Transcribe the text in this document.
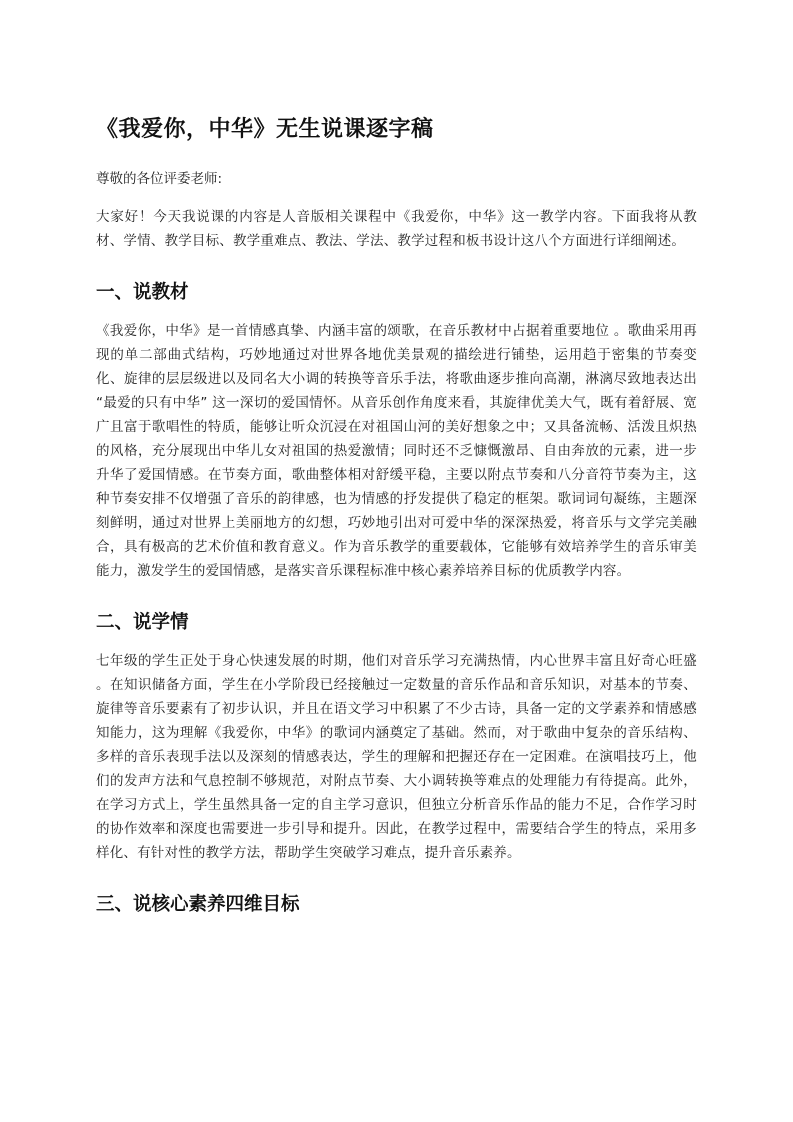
《我爱你，中华》无生说课逐字稿

尊敬的各位评委老师:

大家好！今天我说课的内容是人音版相关课程中《我爱你，中华》这一教学内容。下面我将从教材、学情、教学目标、教学重难点、教法、学法、教学过程和板书设计这八个方面进行详细阐述。

一、说教材

《我爱你，中华》是一首情感真挚、内涵丰富的颂歌，在音乐教材中占据着重要地位 。歌曲采用再现的单二部曲式结构，巧妙地通过对世界各地优美景观的描绘进行铺垫，运用趋于密集的节奏变化、旋律的层层级进以及同名大小调的转换等音乐手法，将歌曲逐步推向高潮，淋漓尽致地表达出 “最爱的只有中华” 这一深切的爱国情怀。从音乐创作角度来看，其旋律优美大气，既有着舒展、宽广且富于歌唱性的特质，能够让听众沉浸在对祖国山河的美好想象之中；又具备流畅、活泼且炽热的风格，充分展现出中华儿女对祖国的热爱激情；同时还不乏慷慨激昂、自由奔放的元素，进一步升华了爱国情感。在节奏方面，歌曲整体相对舒缓平稳，主要以附点节奏和八分音符节奏为主，这种节奏安排不仅增强了音乐的韵律感，也为情感的抒发提供了稳定的框架。歌词词句凝练，主题深刻鲜明，通过对世界上美丽地方的幻想，巧妙地引出对可爱中华的深深热爱，将音乐与文学完美融合，具有极高的艺术价值和教育意义。作为音乐教学的重要载体，它能够有效培养学生的音乐审美能力，激发学生的爱国情感，是落实音乐课程标准中核心素养培养目标的优质教学内容。

二、说学情

七年级的学生正处于身心快速发展的时期，他们对音乐学习充满热情，内心世界丰富且好奇心旺盛 。在知识储备方面，学生在小学阶段已经接触过一定数量的音乐作品和音乐知识，对基本的节奏、旋律等音乐要素有了初步认识，并且在语文学习中积累了不少古诗，具备一定的文学素养和情感感知能力，这为理解《我爱你，中华》的歌词内涵奠定了基础。然而，对于歌曲中复杂的音乐结构、多样的音乐表现手法以及深刻的情感表达，学生的理解和把握还存在一定困难。在演唱技巧上，他们的发声方法和气息控制不够规范，对附点节奏、大小调转换等难点的处理能力有待提高。此外，在学习方式上，学生虽然具备一定的自主学习意识，但独立分析音乐作品的能力不足，合作学习时的协作效率和深度也需要进一步引导和提升。因此，在教学过程中，需要结合学生的特点，采用多样化、有针对性的教学方法，帮助学生突破学习难点，提升音乐素养。

三、说核心素养四维目标
